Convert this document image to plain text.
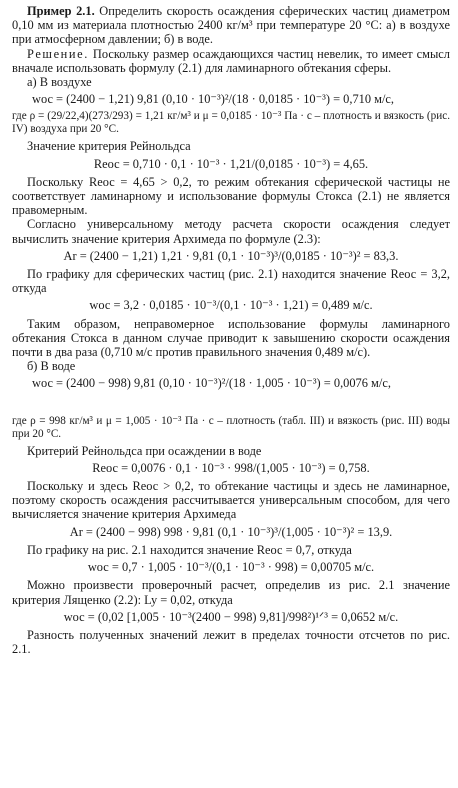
Пример 2.1. Определить скорость осаждения сферических частиц диаметром 0,10 мм из материала плотностью 2400 кг/м³ при температуре 20 °С: а) в воздухе при атмосферном давлении; б) в воде.

Решение. Поскольку размер осаждающихся частиц невелик, то имеет смысл вначале использовать формулу (2.1) для ламинарного обтекания сферы.

а) В воздухе

wос = (2400 − 1,21) 9,81 (0,10 · 10⁻³)²/(18 · 0,0185 · 10⁻³) = 0,710 м/с,

где ρ = (29/22,4)(273/293) = 1,21 кг/м³ и μ = 0,0185 · 10⁻³ Па · с – плотность и вязкость (рис. IV) воздуха при 20 °С.

Значение критерия Рейнольдса

Reос = 0,710 · 0,1 · 10⁻³ · 1,21/(0,0185 · 10⁻³) = 4,65.

Поскольку Reос = 4,65 > 0,2, то режим обтекания сферической частицы не соответствует ламинарному и использование формулы Стокса (2.1) не является правомерным.

Согласно универсальному методу расчета скорости осаждения следует вычислить значение критерия Архимеда по формуле (2.3):

Ar = (2400 − 1,21) 1,21 · 9,81 (0,1 · 10⁻³)³/(0,0185 · 10⁻³)² = 83,3.

По графику для сферических частиц (рис. 2.1) находится значение Reос = 3,2, откуда

wос = 3,2 · 0,0185 · 10⁻³/(0,1 · 10⁻³ · 1,21) = 0,489 м/с.

Таким образом, неправомерное использование формулы ламинарного обтекания Стокса в данном случае приводит к завышению скорости осаждения почти в два раза (0,710 м/с против правильного значения 0,489 м/с).

б) В воде

wос = (2400 − 998) 9,81 (0,10 · 10⁻³)²/(18 · 1,005 · 10⁻³) = 0,0076 м/с,

где ρ = 998 кг/м³ и μ = 1,005 · 10⁻³ Па · с – плотность (табл. III) и вязкость (рис. III) воды при 20 °С.

Критерий Рейнольдса при осаждении в воде

Reос = 0,0076 · 0,1 · 10⁻³ · 998/(1,005 · 10⁻³) = 0,758.

Поскольку и здесь Reос > 0,2, то обтекание частицы и здесь не ламинарное, поэтому скорость осаждения рассчитывается универсальным способом, для чего вычисляется значение критерия Архимеда

Ar = (2400 − 998) 998 · 9,81 (0,1 · 10⁻³)³/(1,005 · 10⁻³)² = 13,9.

По графику на рис. 2.1 находится значение Reос = 0,7, откуда

wос = 0,7 · 1,005 · 10⁻³/(0,1 · 10⁻³ · 998) = 0,00705 м/с.

Можно произвести проверочный расчет, определив из рис. 2.1 значение критерия Лященко (2.2): Ly = 0,02, откуда

wос = (0,02 [1,005 · 10⁻³(2400 − 998) 9,81]/998²)¹ᐟ³ = 0,0652 м/с.

Разность полученных значений лежит в пределах точности отсчетов по рис. 2.1.
